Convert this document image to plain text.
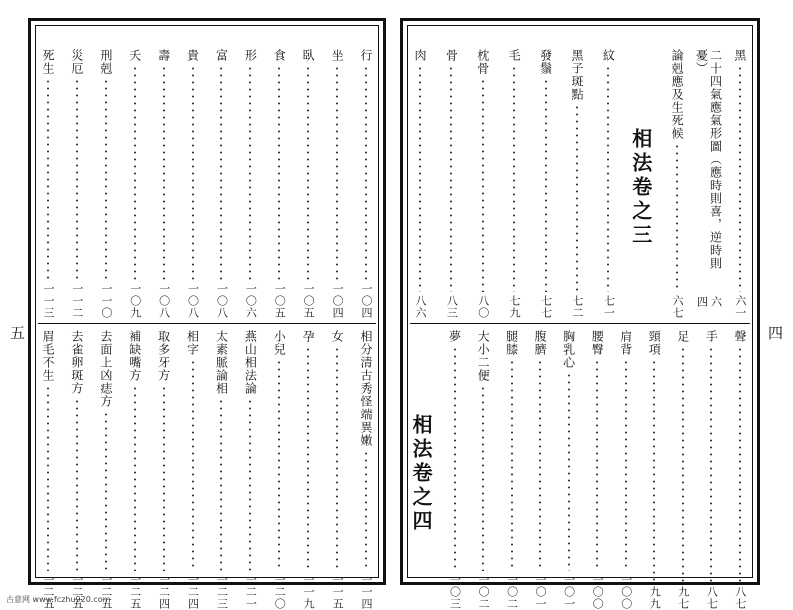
行
一〇四
坐
一〇四
臥
一〇五
食
一〇五
形
一〇六
富
一〇八
貴
一〇八
壽
一〇八
夭
一〇九
刑剋
一一〇
災厄
一一二
死生
一一三
相分清古秀怪端異嫩
一一四
女
一一五
孕
一一九
小兒
一二〇
燕山相法論
一二一
太素脈論相
一二三
相字
一二四
取多牙方
一二四
補缺嘴方
一二五
去面上凶痣方
一二五
去雀卵斑方
一二五
眉毛不生
一二五
黑
六一
二十四氣應氣形圖（應時則喜，逆時則憂）
六四
論剋應及生死候
六七
相法卷之三
紋
七一
黑子斑點
七二
發鬚
七七
毛
七九
枕骨
八〇
骨
八三
肉
八六
聲
八七
手
八七
足
九七
頸項
九九
肩背
一〇〇
腰臀
一〇〇
胸乳心
一〇一
腹臍
一〇一
腿膝
一〇二
大小二便
一〇二
夢
一〇三
相法卷之四
五	四
古意网 www.fczhu920.com
